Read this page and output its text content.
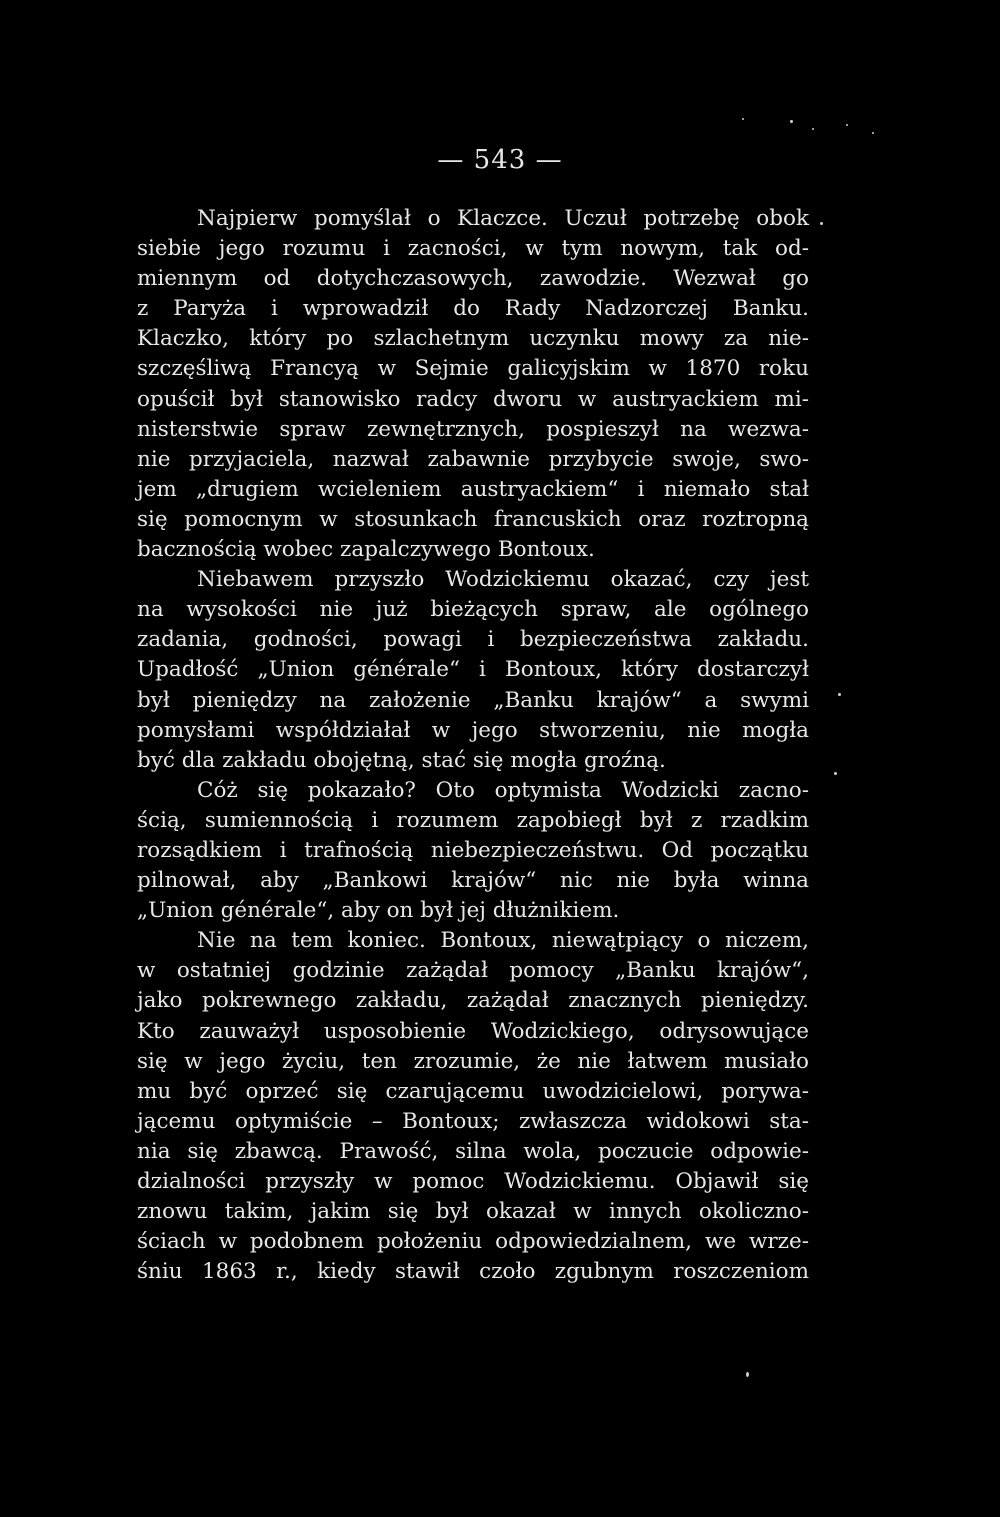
— 543 —
Najpierw pomyślał o Klaczce. Uczuł potrzebę obok
siebie jego rozumu i zacności, w tym nowym, tak od-
miennym od dotychczasowych, zawodzie. Wezwał go
z Paryża i wprowadził do Rady Nadzorczej Banku.
Klaczko, który po szlachetnym uczynku mowy za nie-
szczęśliwą Francyą w Sejmie galicyjskim w 1870 roku
opuścił był stanowisko radcy dworu w austryackiem mi-
nisterstwie spraw zewnętrznych, pospieszył na wezwa-
nie przyjaciela, nazwał zabawnie przybycie swoje, swo-
jem „drugiem wcieleniem austryackiem“ i niemało stał
się pomocnym w stosunkach francuskich oraz roztropną
bacznością wobec zapalczywego Bontoux.
Niebawem przyszło Wodzickiemu okazać, czy jest
na wysokości nie już bieżących spraw, ale ogólnego
zadania, godności, powagi i bezpieczeństwa zakładu.
Upadłość „Union générale“ i Bontoux, który dostarczył
był pieniędzy na założenie „Banku krajów“ a swymi
pomysłami współdziałał w jego stworzeniu, nie mogła
być dla zakładu obojętną, stać się mogła groźną.
Cóż się pokazało? Oto optymista Wodzicki zacno-
ścią, sumiennością i rozumem zapobiegł był z rzadkim
rozsądkiem i trafnością niebezpieczeństwu. Od początku
pilnował, aby „Bankowi krajów“ nic nie była winna
„Union générale“, aby on był jej dłużnikiem.
Nie na tem koniec. Bontoux, niewątpiący o niczem,
w ostatniej godzinie zażądał pomocy „Banku krajów“,
jako pokrewnego zakładu, zażądał znacznych pieniędzy.
Kto zauważył usposobienie Wodzickiego, odrysowujące
się w jego życiu, ten zrozumie, że nie łatwem musiało
mu być oprzeć się czarującemu uwodzicielowi, porywa-
jącemu optymiście – Bontoux; zwłaszcza widokowi sta-
nia się zbawcą. Prawość, silna wola, poczucie odpowie-
dzialności przyszły w pomoc Wodzickiemu. Objawił się
znowu takim, jakim się był okazał w innych okoliczno-
ściach w podobnem położeniu odpowiedzialnem, we wrze-
śniu 1863 r., kiedy stawił czoło zgubnym roszczeniom
